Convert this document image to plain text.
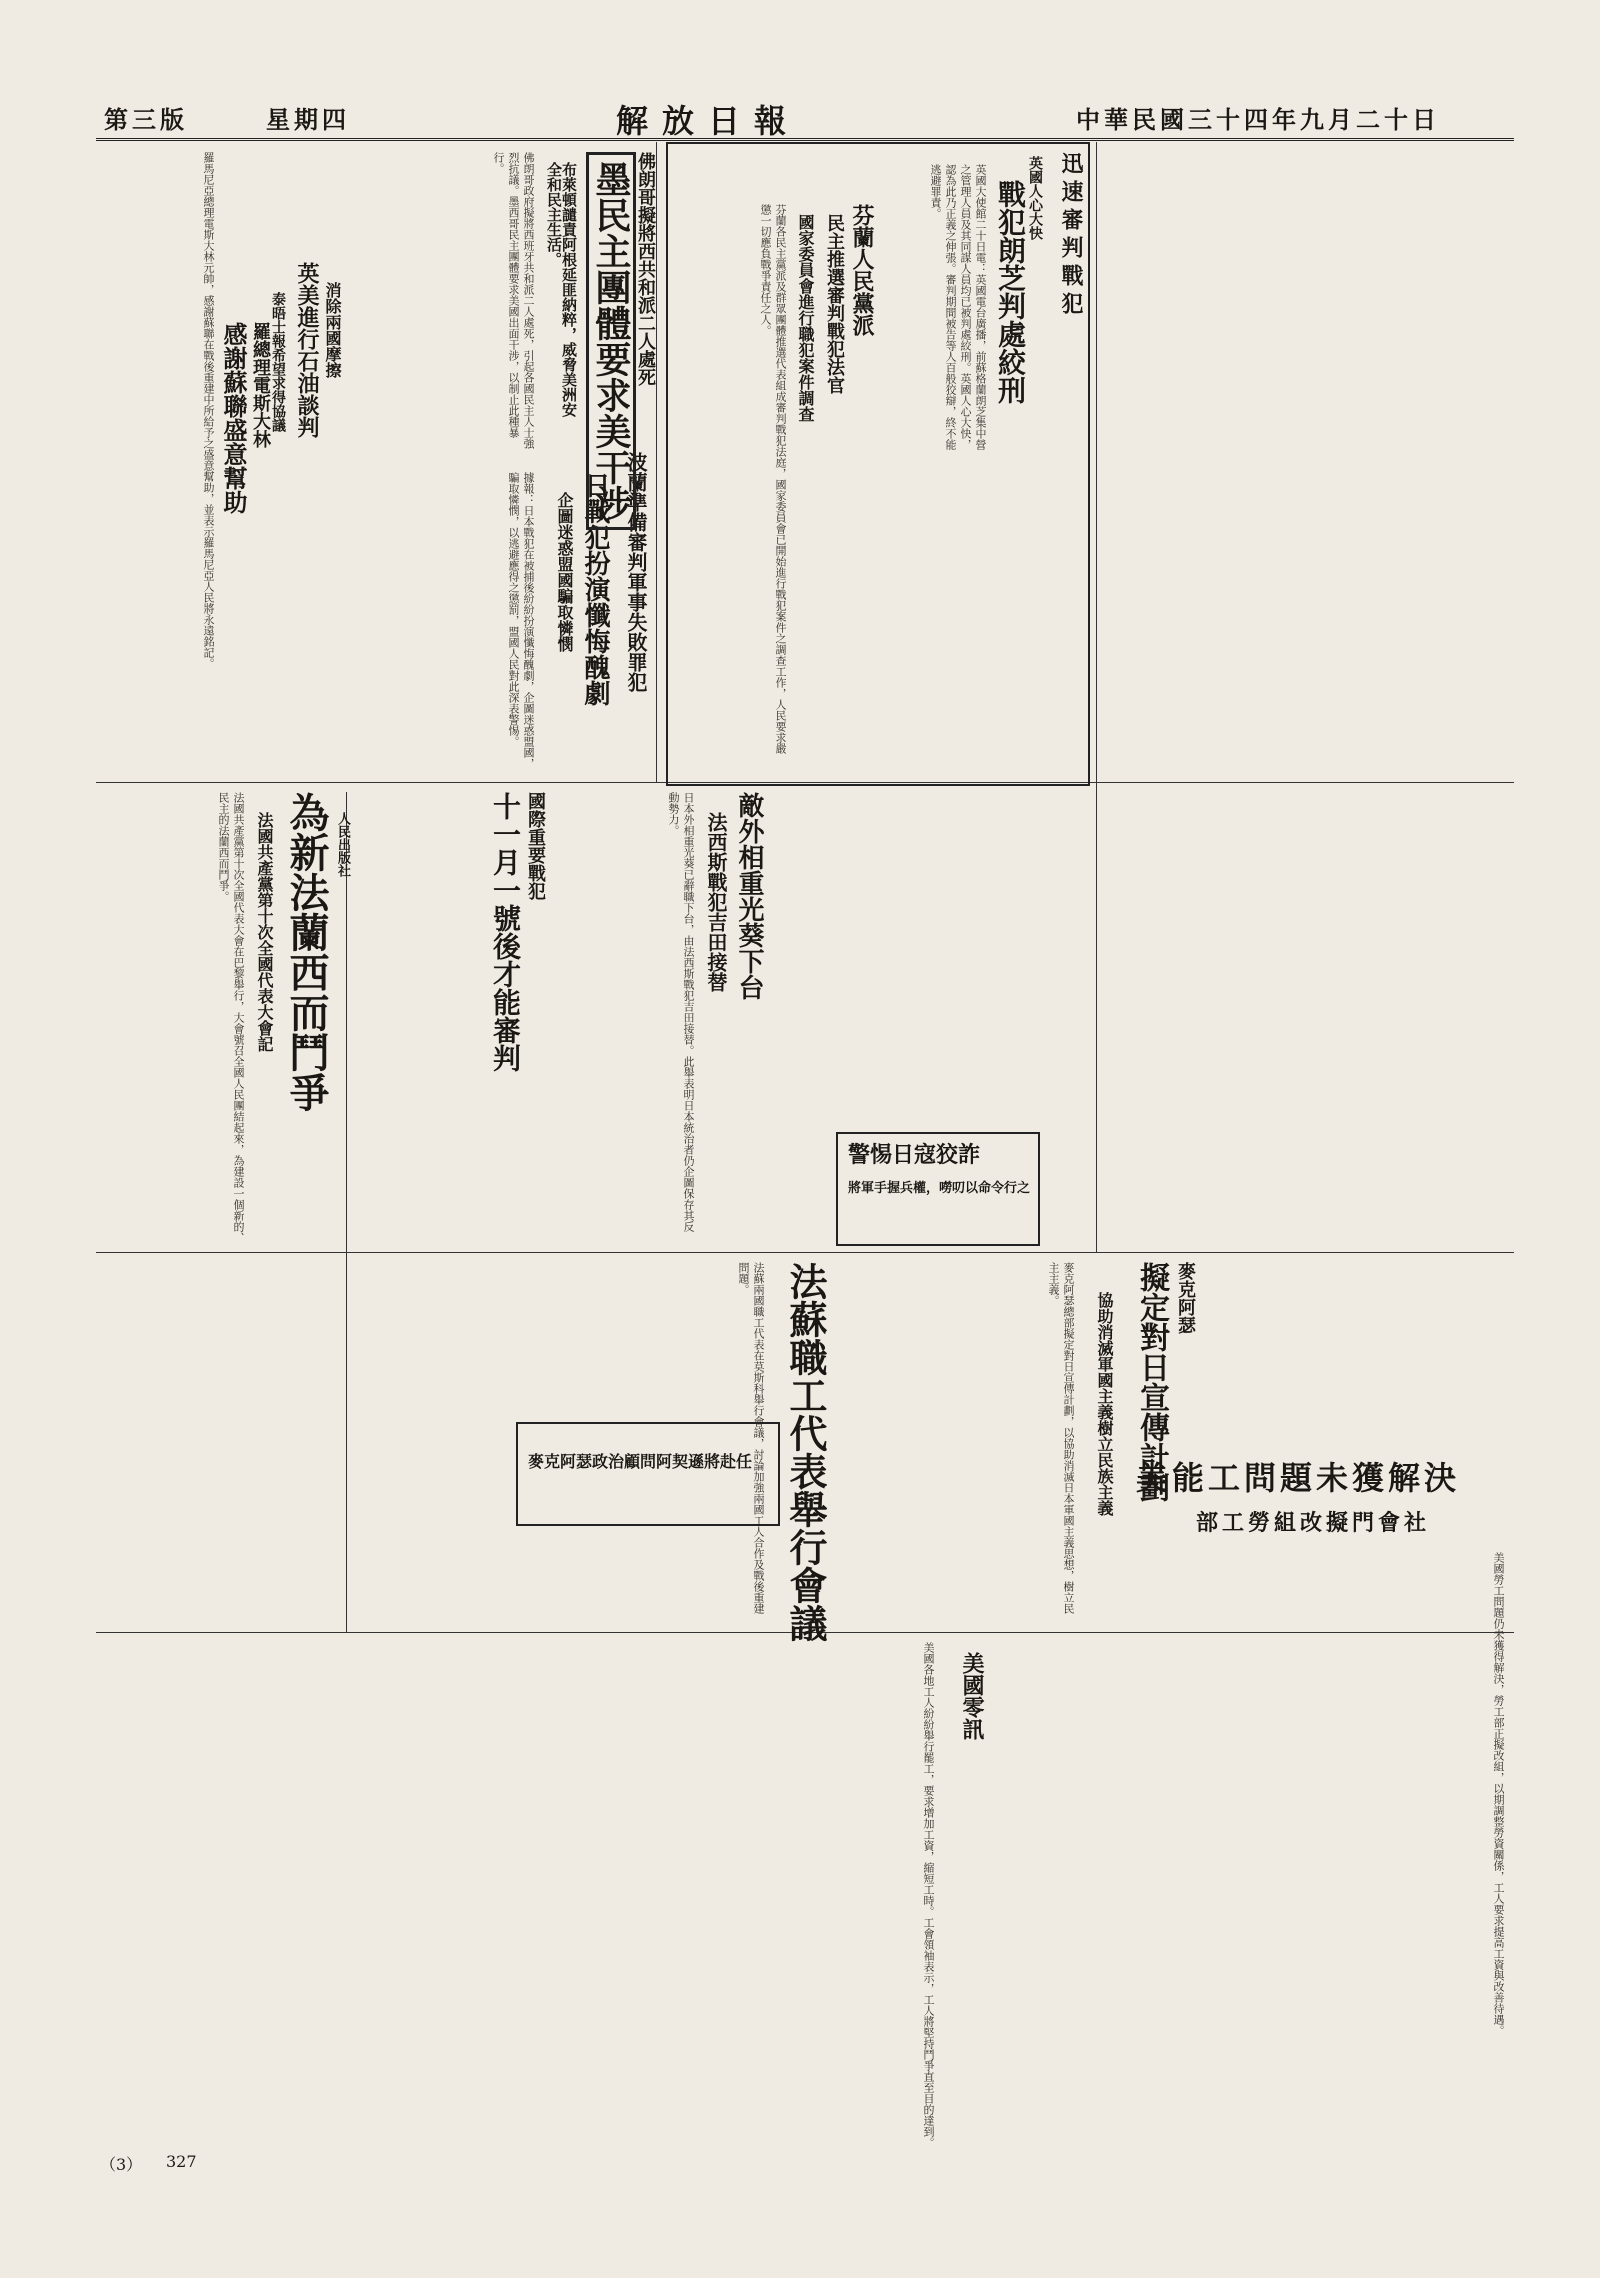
第三版	星期四	解放日報	中華民國三十四年九月二十日
迅速審判戰犯
英國人心大快
戰犯朗芝判處絞刑
英國大使館二十日電：英國電台廣播，前蘇格蘭朗芝集中營之管理人員及其同謀人員均已被判處絞刑。英國人心大快，認為此乃正義之伸張。審判期間被告等人百般狡辯，終不能逃避罪責。
芬蘭人民黨派
民主推選審判戰犯法官
國家委員會進行職犯案件調查
芬蘭各民主黨派及群眾團體推選代表組成審判戰犯法庭，國家委員會已開始進行戰犯案件之調查工作，人民要求嚴懲一切應負戰爭責任之人。
波蘭準備審判軍事失敗罪犯
日戰犯扮演懺悔醜劇
企圖迷惑盟國騙取憐憫
據報：日本戰犯在被捕後紛紛扮演懺悔醜劇，企圖迷惑盟國，騙取憐憫，以逃避應得之懲罰，盟國人民對此深表警惕。
十一月一號後才能審判 國際重要戰犯
墨民主團體要求美干涉 佛朗哥擬將西共和派二人處死
布萊頓譴責阿根延匪納粹，威脅美洲安全和民主生活。
佛朗哥政府擬將西班牙共和派二人處死，引起各國民主人士強烈抗議。墨西哥民主團體要求美國出面干涉，以制止此種暴行。
英美進行石油談判 消除兩國摩擦
泰晤士報希望求得協議
感謝蘇聯盛意幫助 羅總理電斯大林
羅馬尼亞總理電斯大林元帥，感謝蘇聯在戰後重建中所給予之盛意幫助，並表示羅馬尼亞人民將永遠銘記。
為新法蘭西而鬥爭
法國共產黨第十次全國代表大會記	人民出版社
法國共產黨第十次全國代表大會在巴黎舉行，大會號召全國人民團結起來，為建設一個新的、民主的法蘭西而鬥爭。	敵外相重光葵下台
法西斯戰犯吉田接替
日本外相重光葵已辭職下台，由法西斯戰犯吉田接替。此舉表明日本統治者仍企圖保存其反動勢力。
警惕日寇狡詐
將軍手握兵權，嘮叨以命令行之
法蘇職工代表舉行會議
法蘇兩國職工代表在莫斯科舉行會議，討論加強兩國工人合作及戰後重建問題。	擬定對日宣傳計劃 麥克阿瑟
協助消滅軍國主義樹立民族主義
麥克阿瑟總部擬定對日宣傳計劃，以協助消滅日本軍國主義思想，樹立民主主義。
麥克阿瑟政治顧問阿契遜將赴任
美國零訊
美能工問題未獲解決
部工勞組改擬門會社
美國勞工問題仍未獲得解決，勞工部正擬改組，以期調整勞資關係，工人要求提高工資與改善待遇。
美國各地工人紛紛舉行罷工，要求增加工資，縮短工時。工會領袖表示，工人將堅持鬥爭直至目的達到。
（3） 327
